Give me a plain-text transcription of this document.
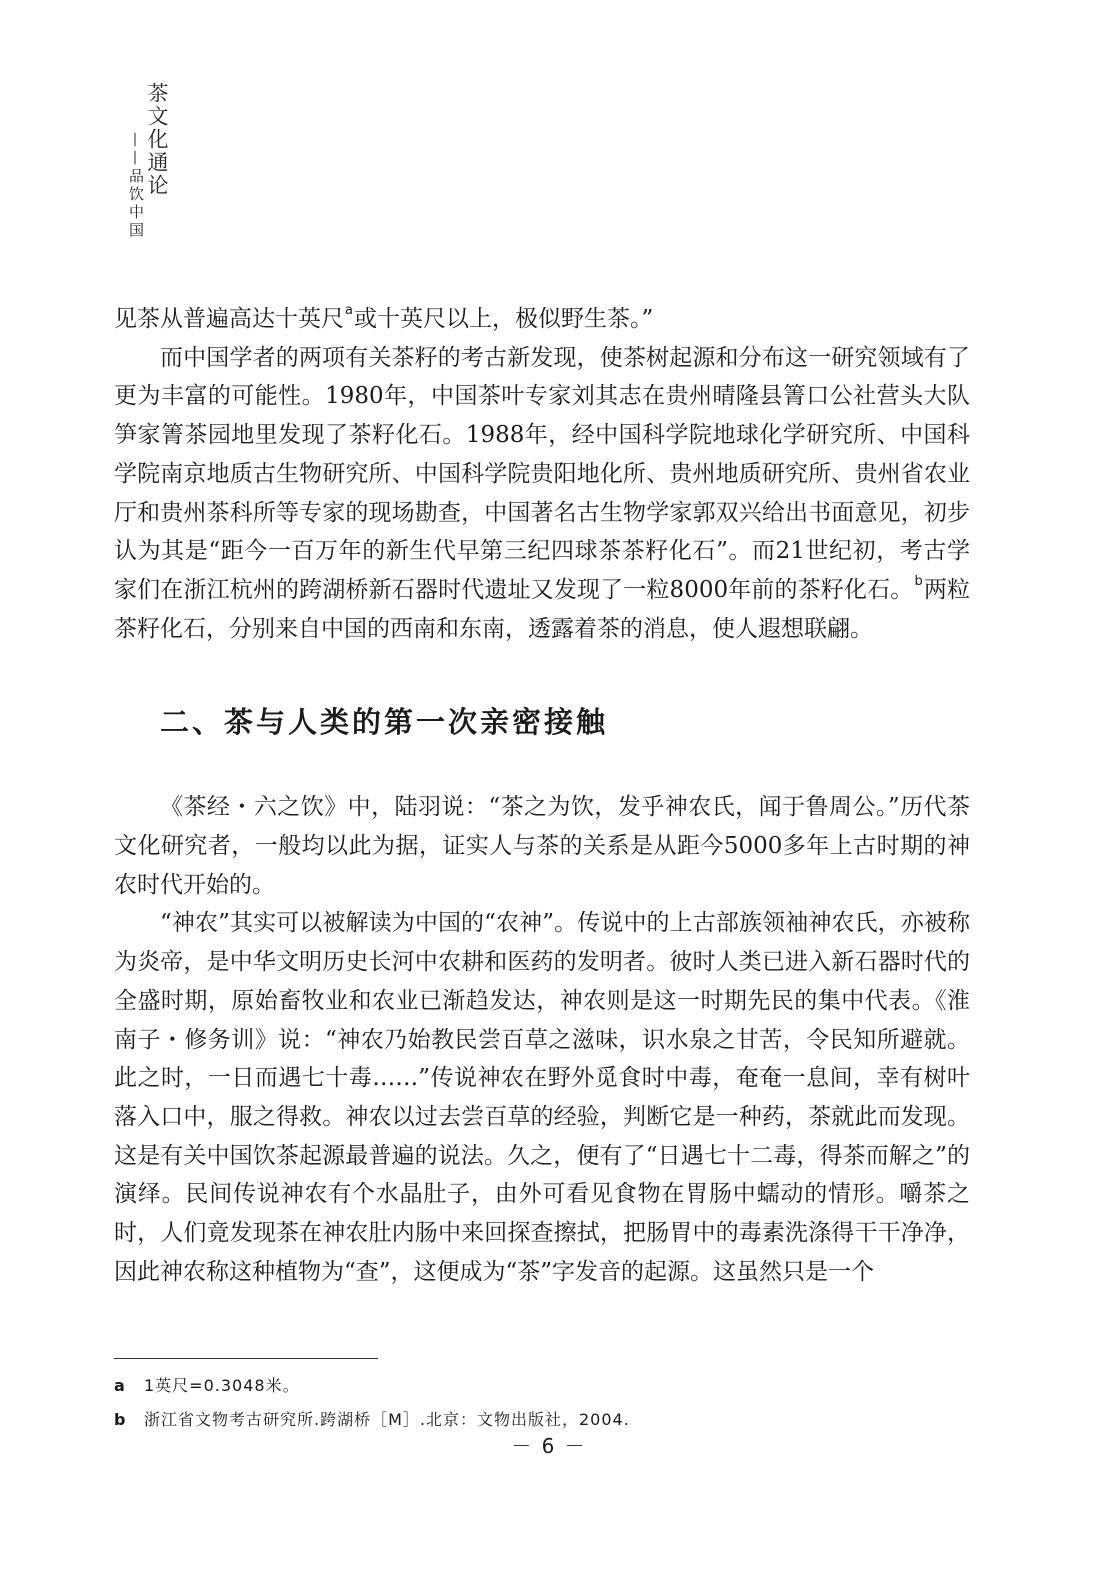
茶文化通论
——品饮中国

见茶从普遍高达十英尺$^a$或十英尺以上，极似野生茶。”

而中国学者的两项有关茶籽的考古新发现，使茶树起源和分布这一研究领域有了更为丰富的可能性。1980年，中国茶叶专家刘其志在贵州晴隆县箐口公社营头大队笋家箐茶园地里发现了茶籽化石。1988年，经中国科学院地球化学研究所、中国科学院南京地质古生物研究所、中国科学院贵阳地化所、贵州地质研究所、贵州省农业厅和贵州茶科所等专家的现场勘查，中国著名古生物学家郭双兴给出书面意见，初步认为其是“距今一百万年的新生代早第三纪四球茶茶籽化石”。而21世纪初，考古学家们在浙江杭州的跨湖桥新石器时代遗址又发现了一粒8000年前的茶籽化石。$^b$两粒茶籽化石，分别来自中国的西南和东南，透露着茶的消息，使人遐想联翩。

二、茶与人类的第一次亲密接触

《茶经・六之饮》中，陆羽说：“茶之为饮，发乎神农氏，闻于鲁周公。”历代茶文化研究者，一般均以此为据，证实人与茶的关系是从距今5000多年上古时期的神农时代开始的。

“神农”其实可以被解读为中国的“农神”。传说中的上古部族领袖神农氏，亦被称为炎帝，是中华文明历史长河中农耕和医药的发明者。彼时人类已进入新石器时代的全盛时期，原始畜牧业和农业已渐趋发达，神农则是这一时期先民的集中代表。《淮南子・修务训》说：“神农乃始教民尝百草之滋味，识水泉之甘苦，令民知所避就。此之时，一日而遇七十毒……”传说神农在野外觅食时中毒，奄奄一息间，幸有树叶落入口中，服之得救。神农以过去尝百草的经验，判断它是一种药，茶就此而发现。这是有关中国饮茶起源最普遍的说法。久之，便有了“日遇七十二毒，得茶而解之”的演绎。民间传说神农有个水晶肚子，由外可看见食物在胃肠中蠕动的情形。嚼茶之时，人们竟发现茶在神农肚内肠中来回探查擦拭，把肠胃中的毒素洗涤得干干净净，因此神农称这种植物为“查”，这便成为“茶”字发音的起源。这虽然只是一个

a	1英尺=0.3048米。
b	浙江省文物考古研究所.跨湖桥［M］.北京：文物出版社，2004.
－ 6 －
